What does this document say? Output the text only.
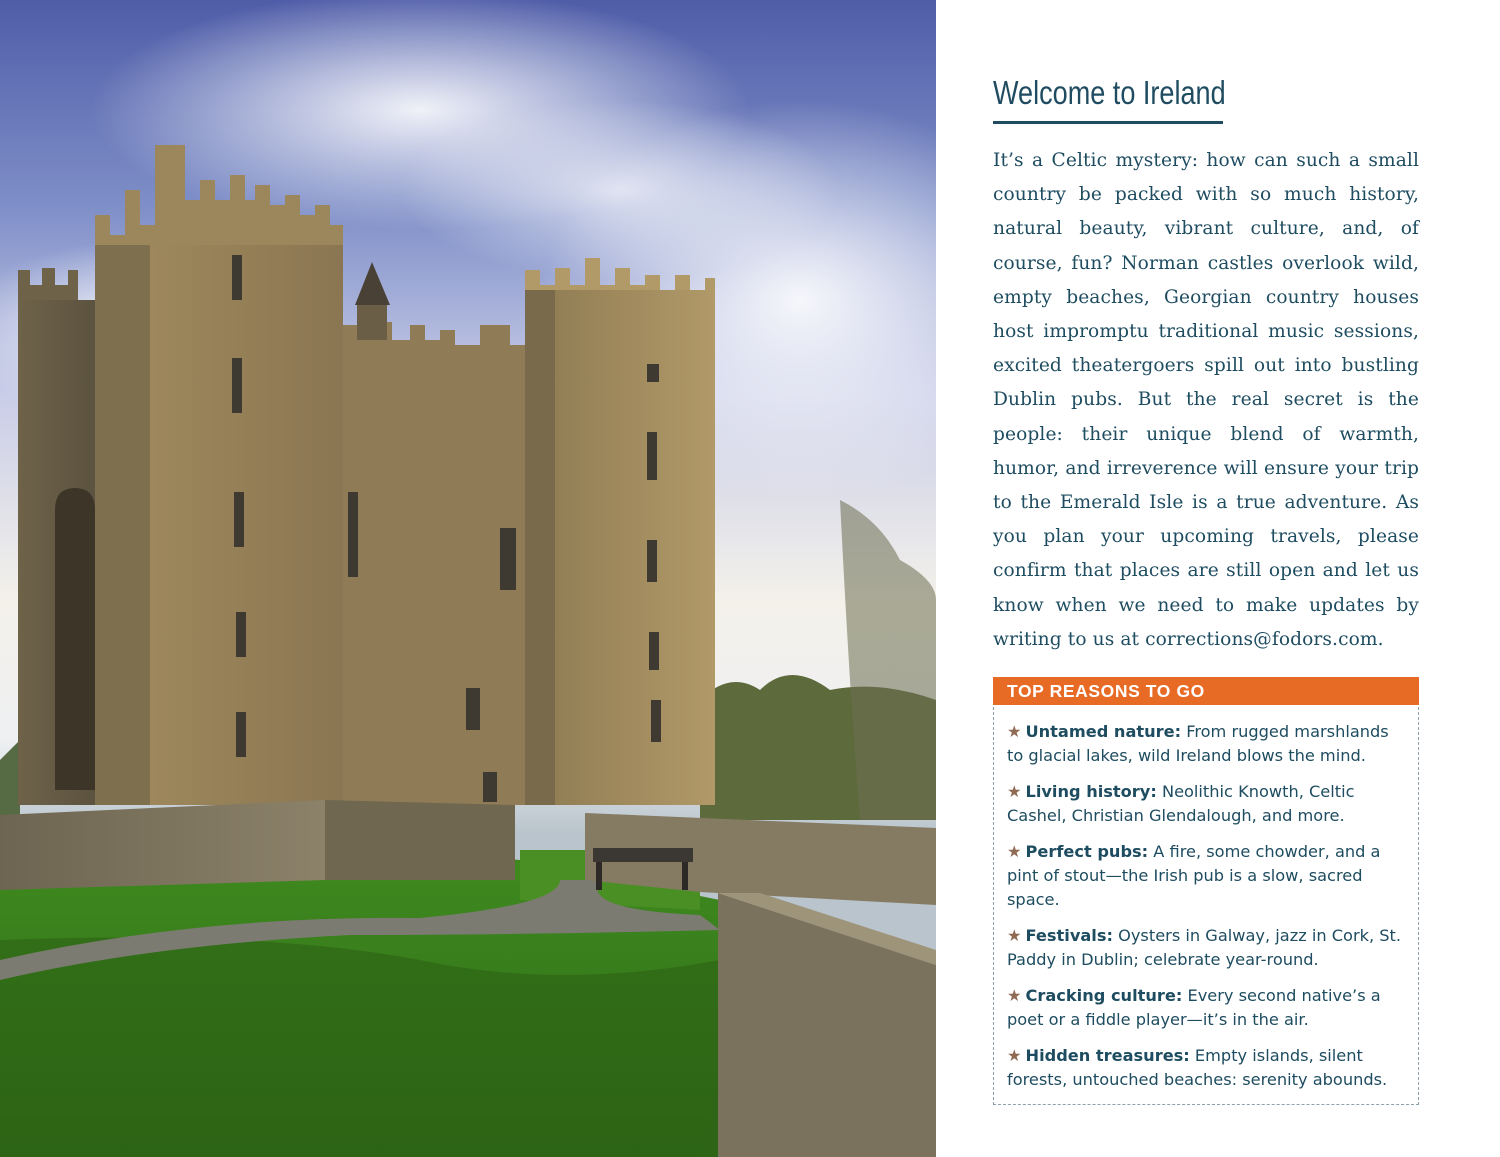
Welcome to Ireland

It’s a Celtic mystery: how can such a small country be packed with so much history, natural beauty, vibrant culture, and, of course, fun? Norman castles overlook wild, empty beaches, Georgian country houses host impromptu traditional music sessions, excited theatergoers spill out into bustling Dublin pubs. But the real secret is the people: their unique blend of warmth, humor, and irreverence will ensure your trip to the Emerald Isle is a true adventure. As you plan your upcoming travels, please confirm that places are still open and let us know when we need to make updates by writing to us at corrections@fodors.com.

TOP REASONS TO GO
★ Untamed nature: From rugged marshlands to glacial lakes, wild Ireland blows the mind.
★ Living history: Neolithic Knowth, Celtic Cashel, Christian Glendalough, and more.
★ Perfect pubs: A fire, some chowder, and a pint of stout—the Irish pub is a slow, sacred space.
★ Festivals: Oysters in Galway, jazz in Cork, St. Paddy in Dublin; celebrate year-round.
★ Cracking culture: Every second native’s a poet or a fiddle player—it’s in the air.
★ Hidden treasures: Empty islands, silent forests, untouched beaches: serenity abounds.
